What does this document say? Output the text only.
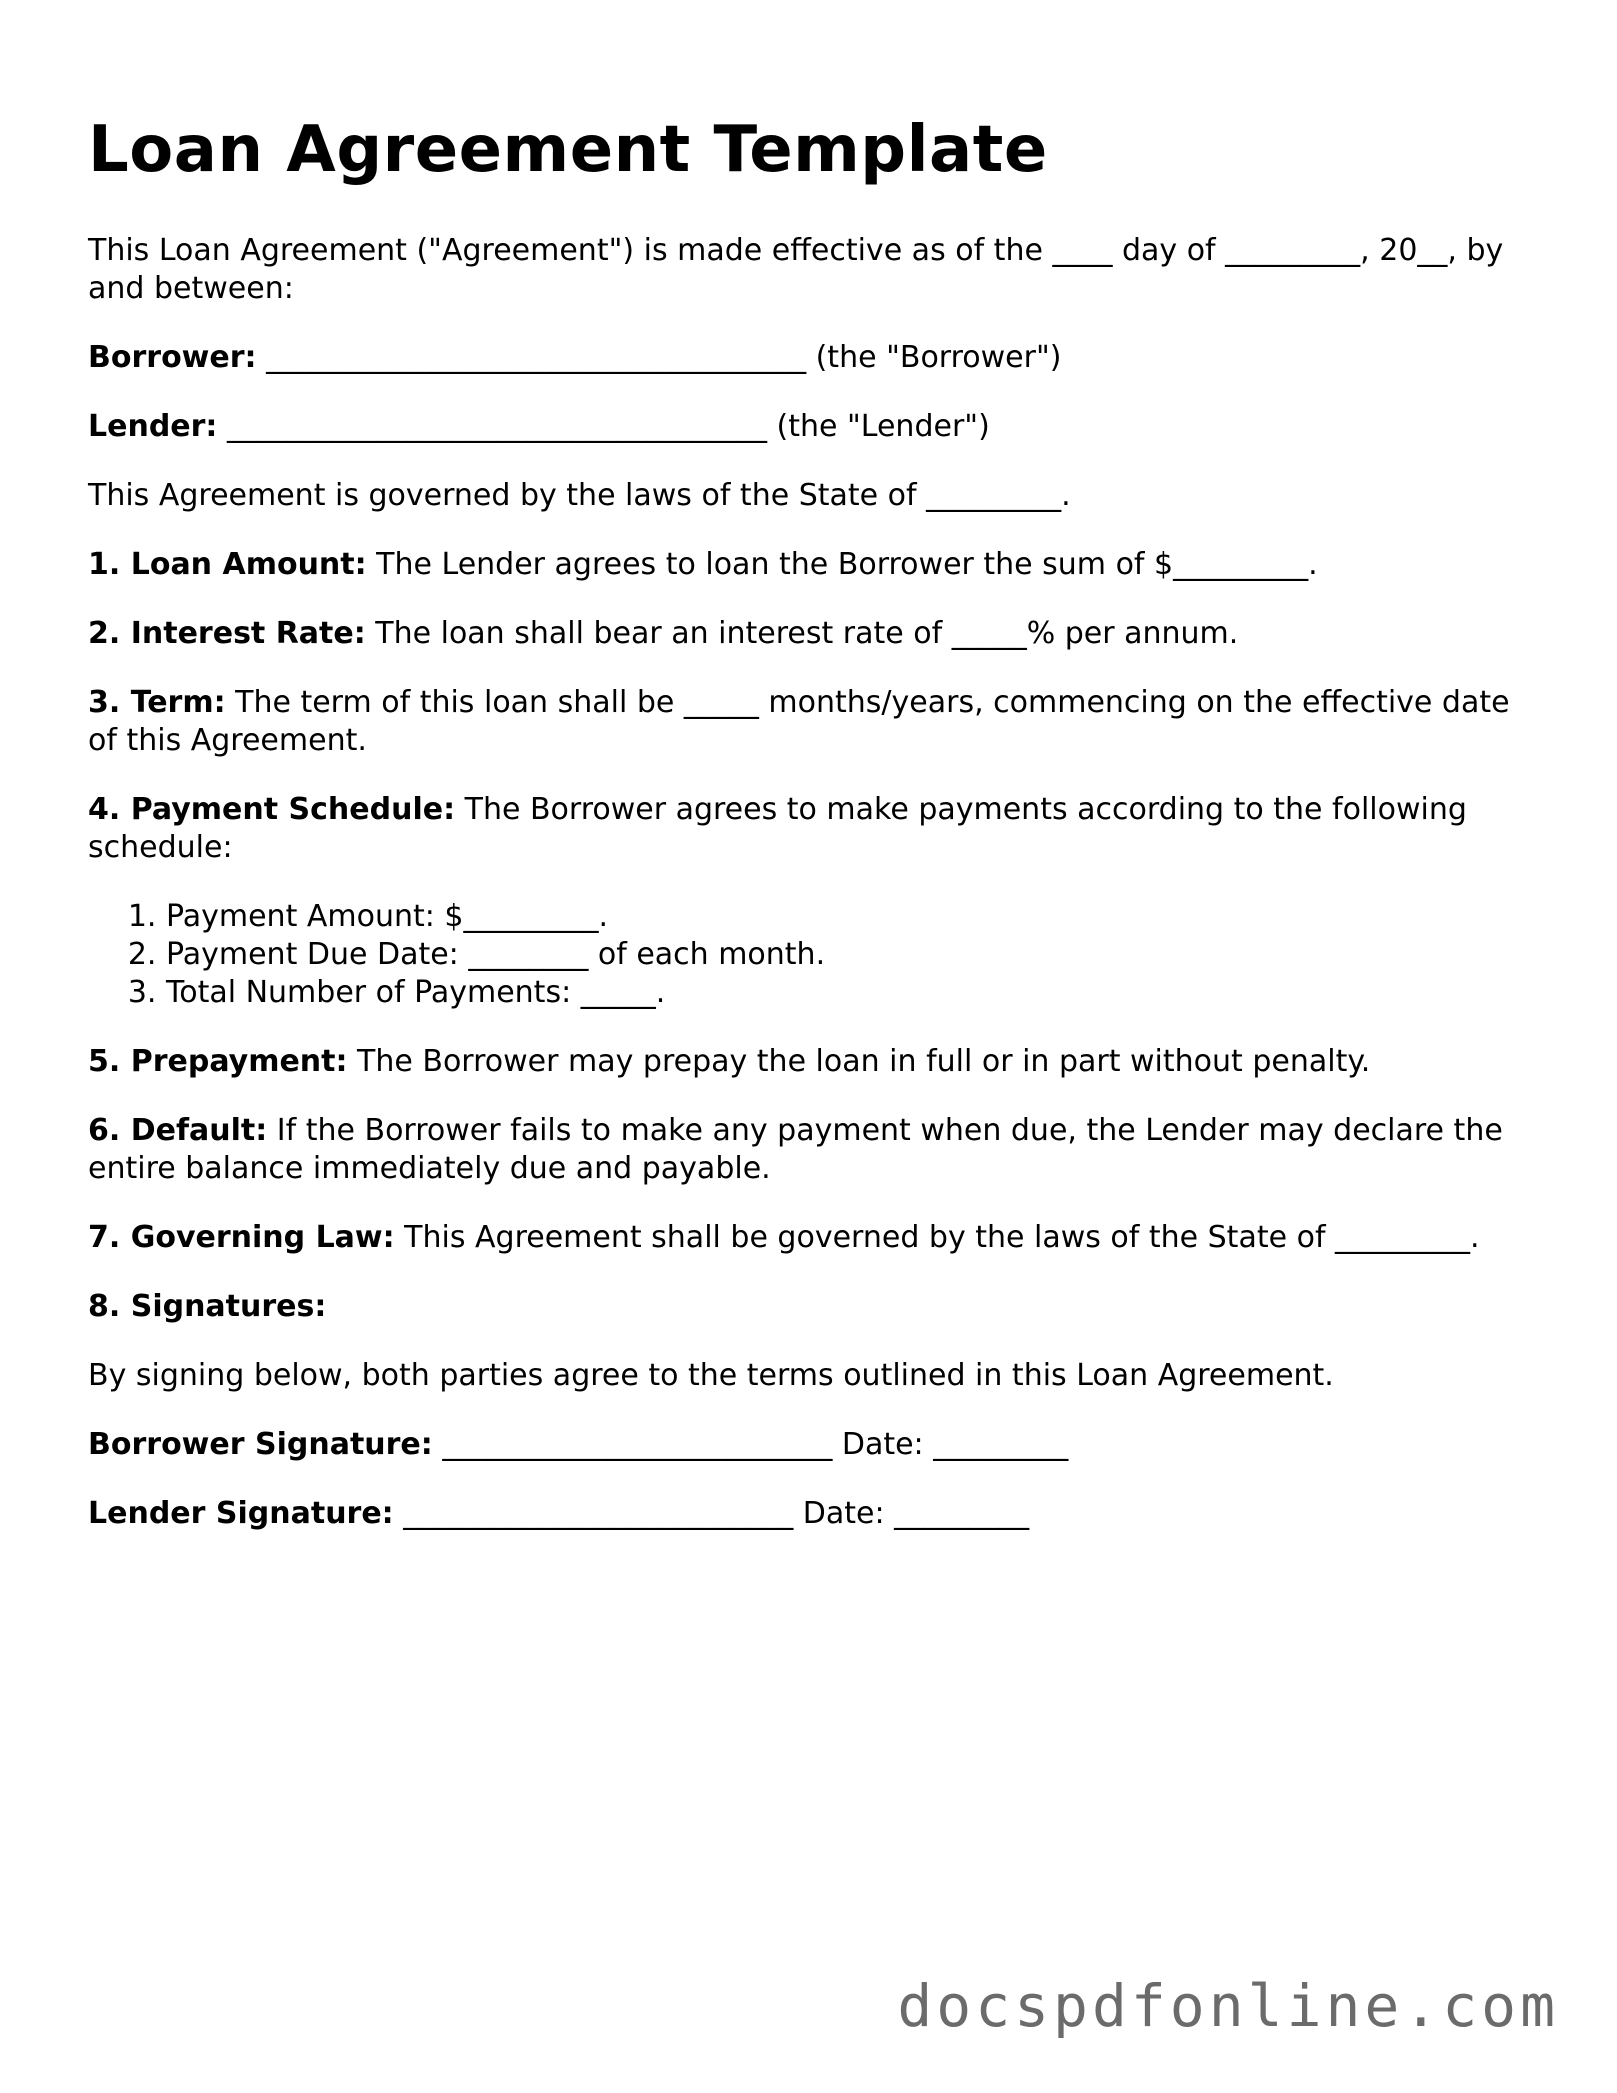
Loan Agreement Template

This Loan Agreement ("Agreement") is made effective as of the ____ day of _________, 20__, by and between:

Borrower: ____________________________________ (the "Borrower")

Lender: ____________________________________ (the "Lender")

This Agreement is governed by the laws of the State of _________.

1. Loan Amount: The Lender agrees to loan the Borrower the sum of $_________.

2. Interest Rate: The loan shall bear an interest rate of _____% per annum.

3. Term: The term of this loan shall be _____ months/years, commencing on the effective date of this Agreement.

4. Payment Schedule: The Borrower agrees to make payments according to the following schedule:

1. Payment Amount: $_________.
2. Payment Due Date: ________ of each month.
3. Total Number of Payments: _____.

5. Prepayment: The Borrower may prepay the loan in full or in part without penalty.

6. Default: If the Borrower fails to make any payment when due, the Lender may declare the entire balance immediately due and payable.

7. Governing Law: This Agreement shall be governed by the laws of the State of _________.

8. Signatures:

By signing below, both parties agree to the terms outlined in this Loan Agreement.

Borrower Signature: __________________________ Date: _________

Lender Signature: __________________________ Date: _________

docspdfonline.com
